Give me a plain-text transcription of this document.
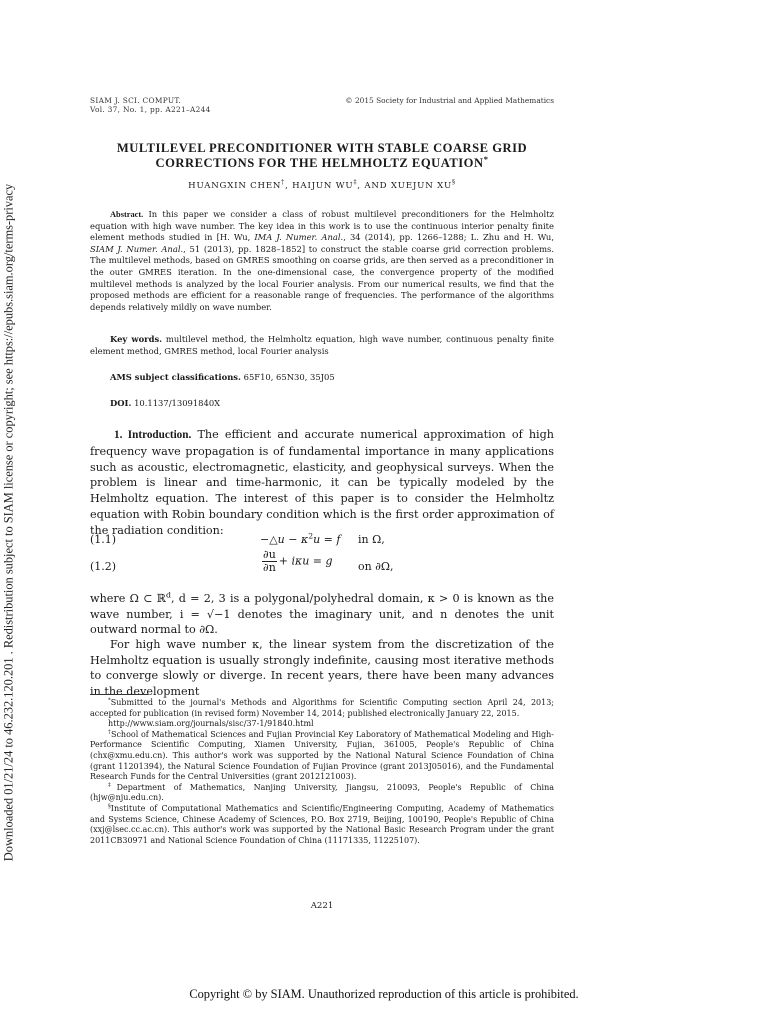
Downloaded 01/21/24 to 46.232.120.201 . Redistribution subject to SIAM license or copyright; see https://epubs.siam.org/terms-privacy
SIAM J. SCI. COMPUT.
Vol. 37, No. 1, pp. A221–A244
© 2015 Society for Industrial and Applied Mathematics
MULTILEVEL PRECONDITIONER WITH STABLE COARSE GRID
CORRECTIONS FOR THE HELMHOLTZ EQUATION*
HUANGXIN CHEN†, HAIJUN WU‡, AND XUEJUN XU§
Abstract. In this paper we consider a class of robust multilevel preconditioners for the Helmholtz equation with high wave number. The key idea in this work is to use the continuous interior penalty finite element methods studied in [H. Wu, IMA J. Numer. Anal., 34 (2014), pp. 1266–1288; L. Zhu and H. Wu, SIAM J. Numer. Anal., 51 (2013), pp. 1828–1852] to construct the stable coarse grid correction problems. The multilevel methods, based on GMRES smoothing on coarse grids, are then served as a preconditioner in the outer GMRES iteration. In the one-dimensional case, the convergence property of the modified multilevel methods is analyzed by the local Fourier analysis. From our numerical results, we find that the proposed methods are efficient for a reasonable range of frequencies. The performance of the algorithms depends relatively mildly on wave number.
Key words. multilevel method, the Helmholtz equation, high wave number, continuous penalty finite element method, GMRES method, local Fourier analysis
AMS subject classifications. 65F10, 65N30, 35J05
DOI. 10.1137/13091840X
1. Introduction. The efficient and accurate numerical approximation of high frequency wave propagation is of fundamental importance in many applications such as acoustic, electromagnetic, elasticity, and geophysical surveys. When the problem is linear and time-harmonic, it can be typically modeled by the Helmholtz equation. The interest of this paper is to consider the Helmholtz equation with Robin boundary condition which is the first order approximation of the radiation condition:
(1.1)	−△u − $\kappa^2u = f$ in Ω,
(1.2)	$\frac{\partial u}{\partial n} + i\kappa u = g$ on ∂Ω,
where Ω ⊂ ℝ$^d$, d = 2, 3 is a polygonal/polyhedral domain, κ > 0 is known as the wave number, i = √−1 denotes the imaginary unit, and n denotes the unit outward normal to ∂Ω.
For high wave number κ, the linear system from the discretization of the Helmholtz equation is usually strongly indefinite, causing most iterative methods to converge slowly or diverge. In recent years, there have been many advances in the development

*Submitted to the journal's Methods and Algorithms for Scientific Computing section April 24, 2013; accepted for publication (in revised form) November 14, 2014; published electronically January 22, 2015.

http://www.siam.org/journals/sisc/37-1/91840.html

†School of Mathematical Sciences and Fujian Provincial Key Laboratory of Mathematical Modeling and High-Performance Scientific Computing, Xiamen University, Fujian, 361005, People's Republic of China (chx@xmu.edu.cn). This author's work was supported by the National Natural Science Foundation of China (grant 11201394), the Natural Science Foundation of Fujian Province (grant 2013J05016), and the Fundamental Research Funds for the Central Universities (grant 2012121003).

‡Department of Mathematics, Nanjing University, Jiangsu, 210093, People's Republic of China (hjw@nju.edu.cn).

§Institute of Computational Mathematics and Scientific/Engineering Computing, Academy of Mathematics and Systems Science, Chinese Academy of Sciences, P.O. Box 2719, Beijing, 100190, People's Republic of China (xxj@lsec.cc.ac.cn). This author's work was supported by the National Basic Research Program under the grant 2011CB30971 and National Science Foundation of China (11171335, 11225107).

A221
Copyright © by SIAM. Unauthorized reproduction of this article is prohibited.
